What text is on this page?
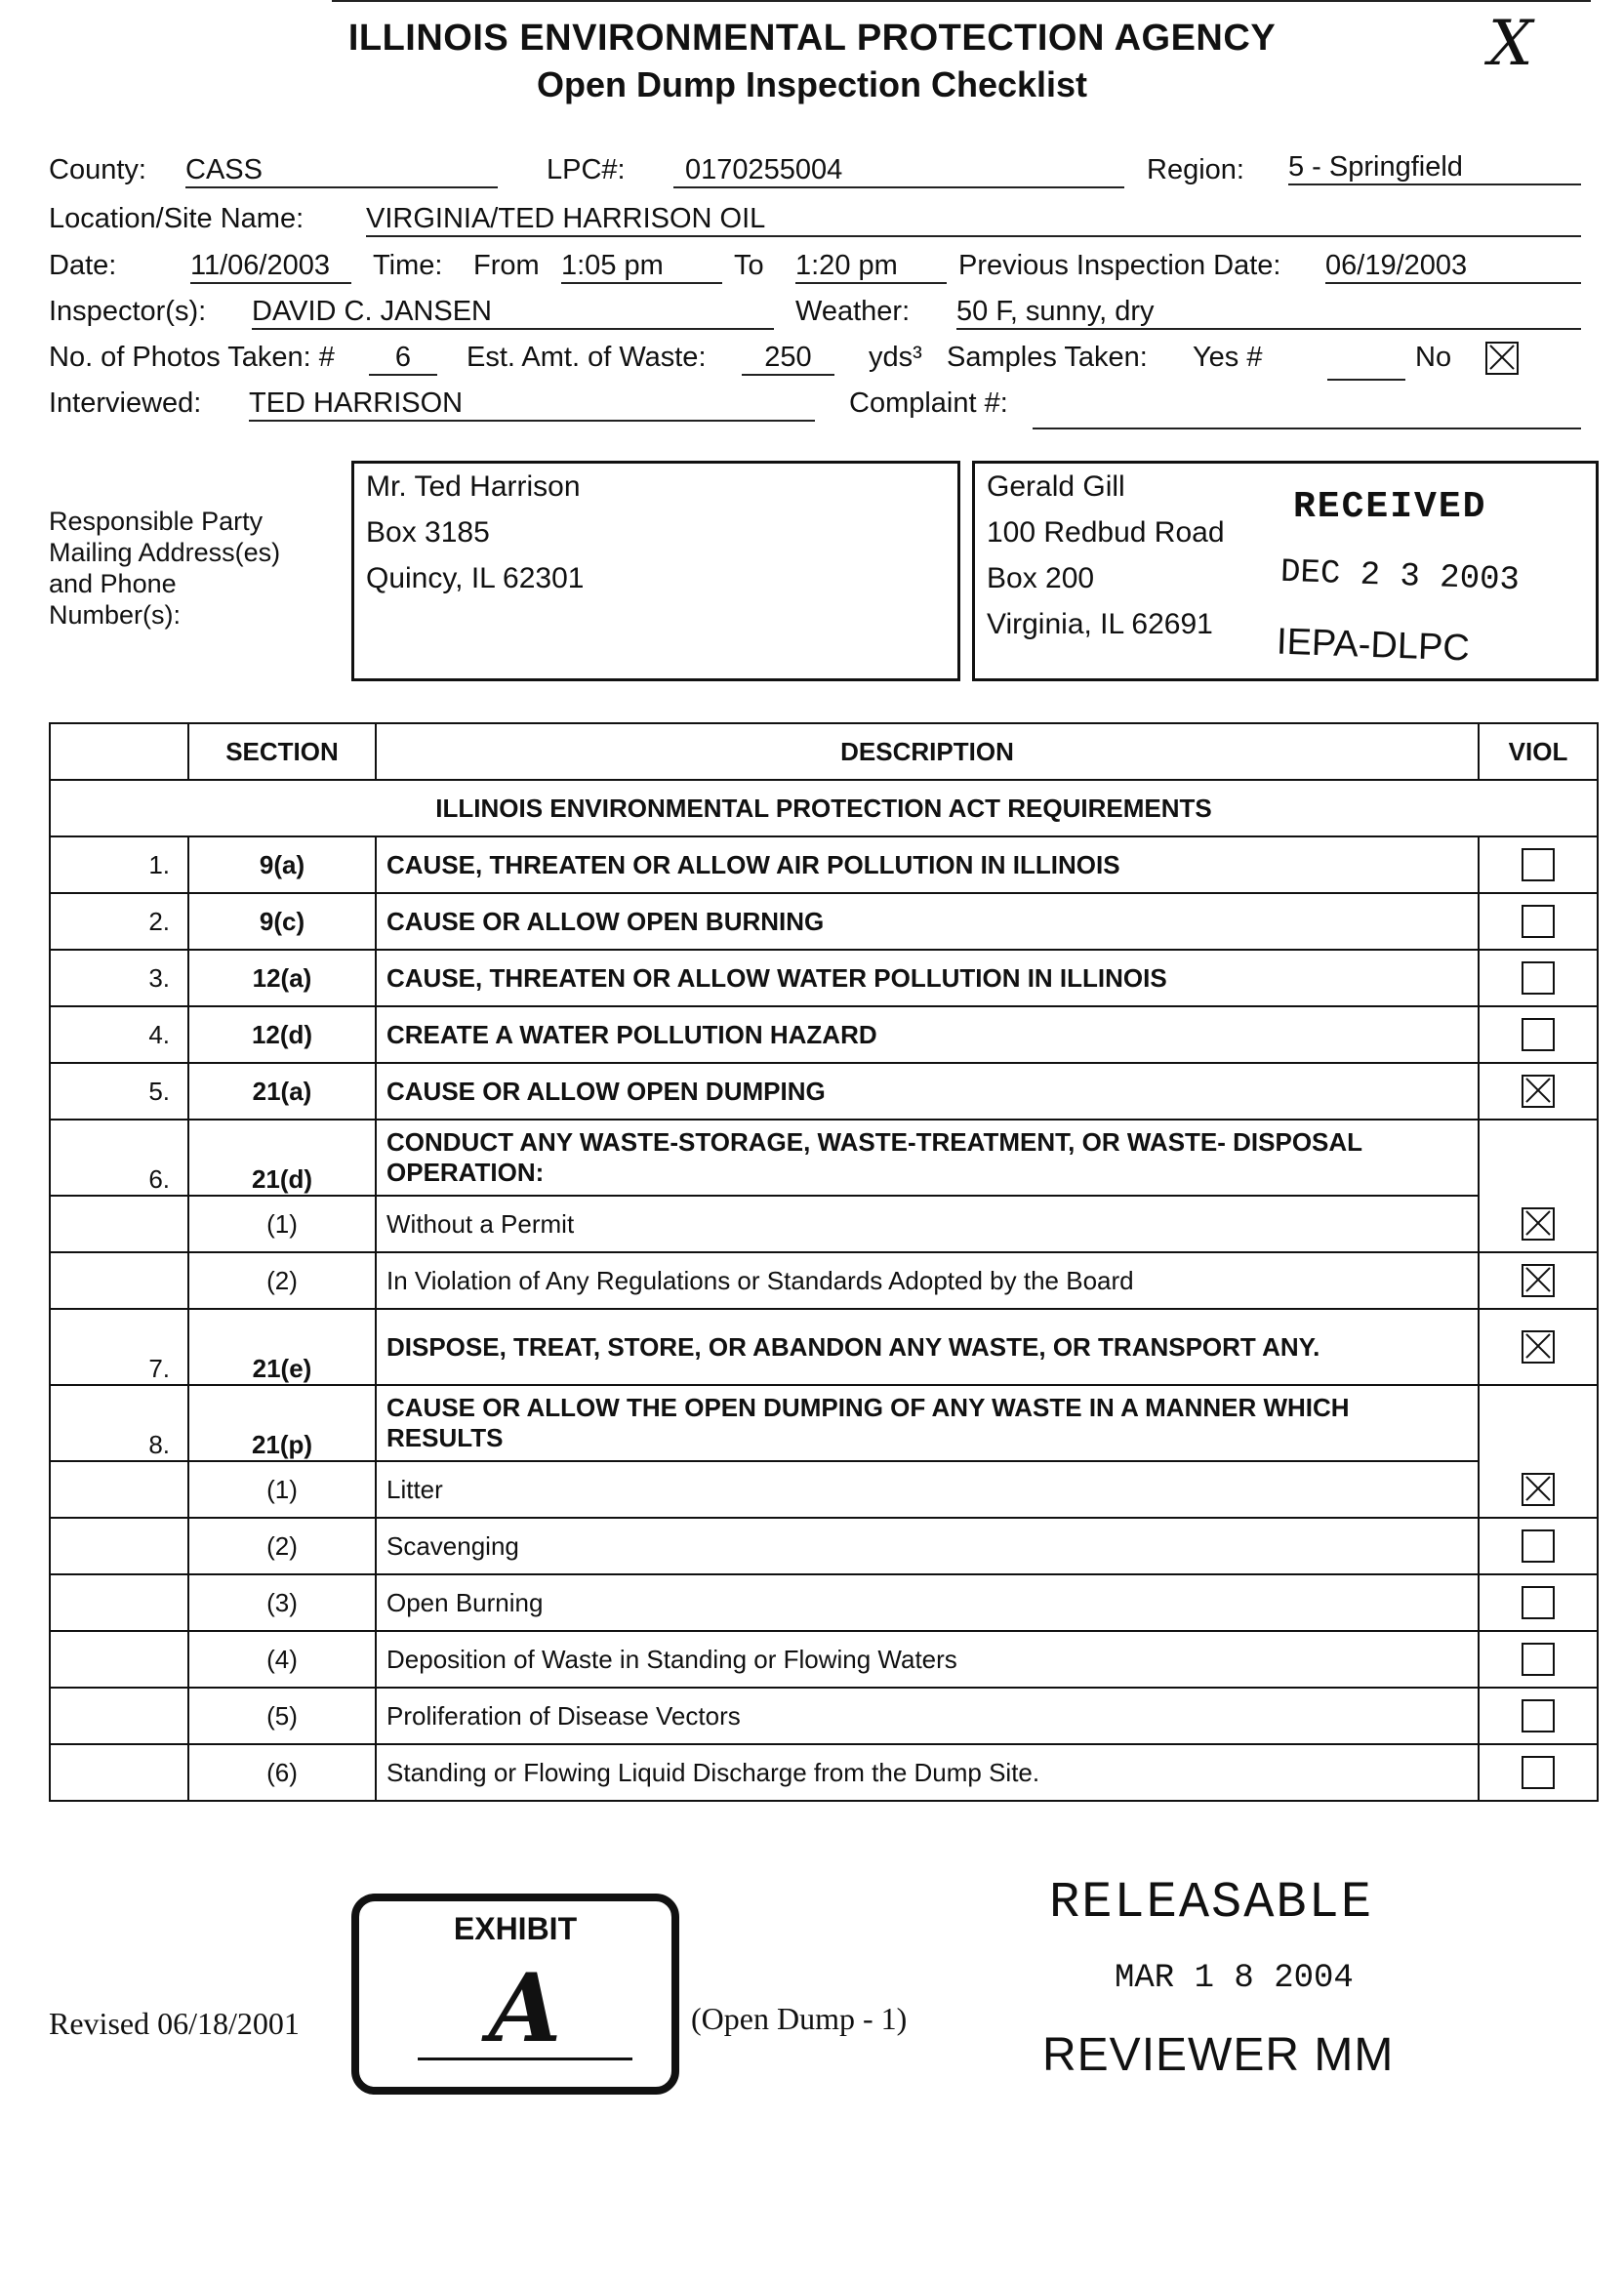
ILLINOIS ENVIRONMENTAL PROTECTION AGENCY
Open Dump Inspection Checklist
X
County: CASS	LPC#:	0170255004	Region: 5 - Springfield
Location/Site Name: VIRGINIA/TED HARRISON OIL
Date:	11/06/2003	Time: From 1:05 pm	To 1:20 pm	Previous Inspection Date: 06/19/2003
Inspector(s): DAVID C. JANSEN	Weather: 50 F, sunny, dry
No. of Photos Taken: #	6	Est. Amt. of Waste:	250	yds³ Samples Taken: Yes #	No
Interviewed: TED HARRISON	Complaint #:
Responsible Party
Mailing Address(es)
and Phone
Number(s):
Mr. Ted Harrison
Box 3185
Quincy, IL 62301
Gerald Gill
100 Redbud Road
Box 200
Virginia, IL 62691
RECEIVED
DEC 2 3 2003
IEPA-DLPC
	SECTION	DESCRIPTION	VIOL
ILLINOIS ENVIRONMENTAL PROTECTION ACT REQUIREMENTS			
1.	9(a)	CAUSE, THREATEN OR ALLOW AIR POLLUTION IN ILLINOIS	
2.	9(c)	CAUSE OR ALLOW OPEN BURNING	
3.	12(a)	CAUSE, THREATEN OR ALLOW WATER POLLUTION IN ILLINOIS	
4.	12(d)	CREATE A WATER POLLUTION HAZARD	
5.	21(a)	CAUSE OR ALLOW OPEN DUMPING	
6.	21(d)	CONDUCT ANY WASTE-STORAGE, WASTE-TREATMENT, OR WASTE- DISPOSAL OPERATION:	
	(1)	Without a Permit	
	(2)	In Violation of Any Regulations or Standards Adopted by the Board	
7.	21(e)	DISPOSE, TREAT, STORE, OR ABANDON ANY WASTE, OR TRANSPORT ANY.	
8.	21(p)	CAUSE OR ALLOW THE OPEN DUMPING OF ANY WASTE IN A MANNER WHICH RESULTS	
	(1)	Litter	
	(2)	Scavenging	
	(3)	Open Burning	
	(4)	Deposition of Waste in Standing or Flowing Waters	
	(5)	Proliferation of Disease Vectors	
	(6)	Standing or Flowing Liquid Discharge from the Dump Site.	
Revised 06/18/2001
EXHIBIT
A	(Open Dump - 1)
RELEASABLE
MAR 1 8 2004
REVIEWER MM
